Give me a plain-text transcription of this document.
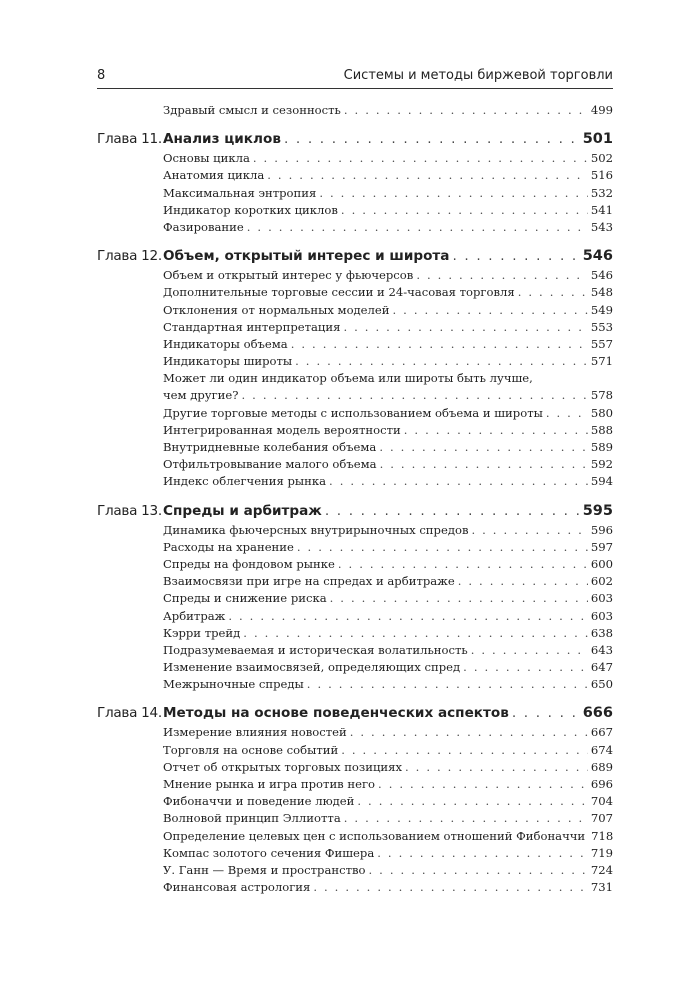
8	Системы и методы биржевой торговли
Здравый смысл и сезонность . . .	499
Глава 11. Анализ циклов . . .	501
Основы цикла . . .	502
Анатомия цикла . . .	516
Максимальная энтропия . . .	532
Индикатор коротких циклов . . .	541
Фазирование . . .	543
Глава 12. Объем, открытый интерес и широта . . .	546
Объем и открытый интерес у фьючерсов . . .	546
Дополнительные торговые сессии и 24-часовая торговля . . .	548
Отклонения от нормальных моделей . . .	549
Стандартная интерпретация . . .	553
Индикаторы объема . . .	557
Индикаторы широты . . .	571
Может ли один индикатор объема или широты быть лучше,
чем другие? . . .	578
Другие торговые методы с использованием объема и широты . . .	580
Интегрированная модель вероятности . . .	588
Внутридневные колебания объема . . .	589
Отфильтровывание малого объема . . .	592
Индекс облегчения рынка . . .	594
Глава 13. Спреды и арбитраж . . .	595
Динамика фьючерсных внутрирыночных спредов . . .	596
Расходы на хранение . . .	597
Спреды на фондовом рынке . . .	600
Взаимосвязи при игре на спредах и арбитраже . . .	602
Спреды и снижение риска . . .	603
Арбитраж . . .	603
Кэрри трейд . . .	638
Подразумеваемая и историческая волатильность . . .	643
Изменение взаимосвязей, определяющих спред . . .	647
Межрыночные спреды . . .	650
Глава 14. Методы на основе поведенческих аспектов . . .	666
Измерение влияния новостей . . .	667
Торговля на основе событий . . .	674
Отчет об открытых торговых позициях . . .	689
Мнение рынка и игра против него . . .	696
Фибоначчи и поведение людей . . .	704
Волновой принцип Эллиотта . . .	707
Определение целевых цен с использованием отношений Фибоначчи 718
Компас золотого сечения Фишера . . .	719
У. Ганн — Время и пространство . . .	724
Финансовая астрология . . .	731
